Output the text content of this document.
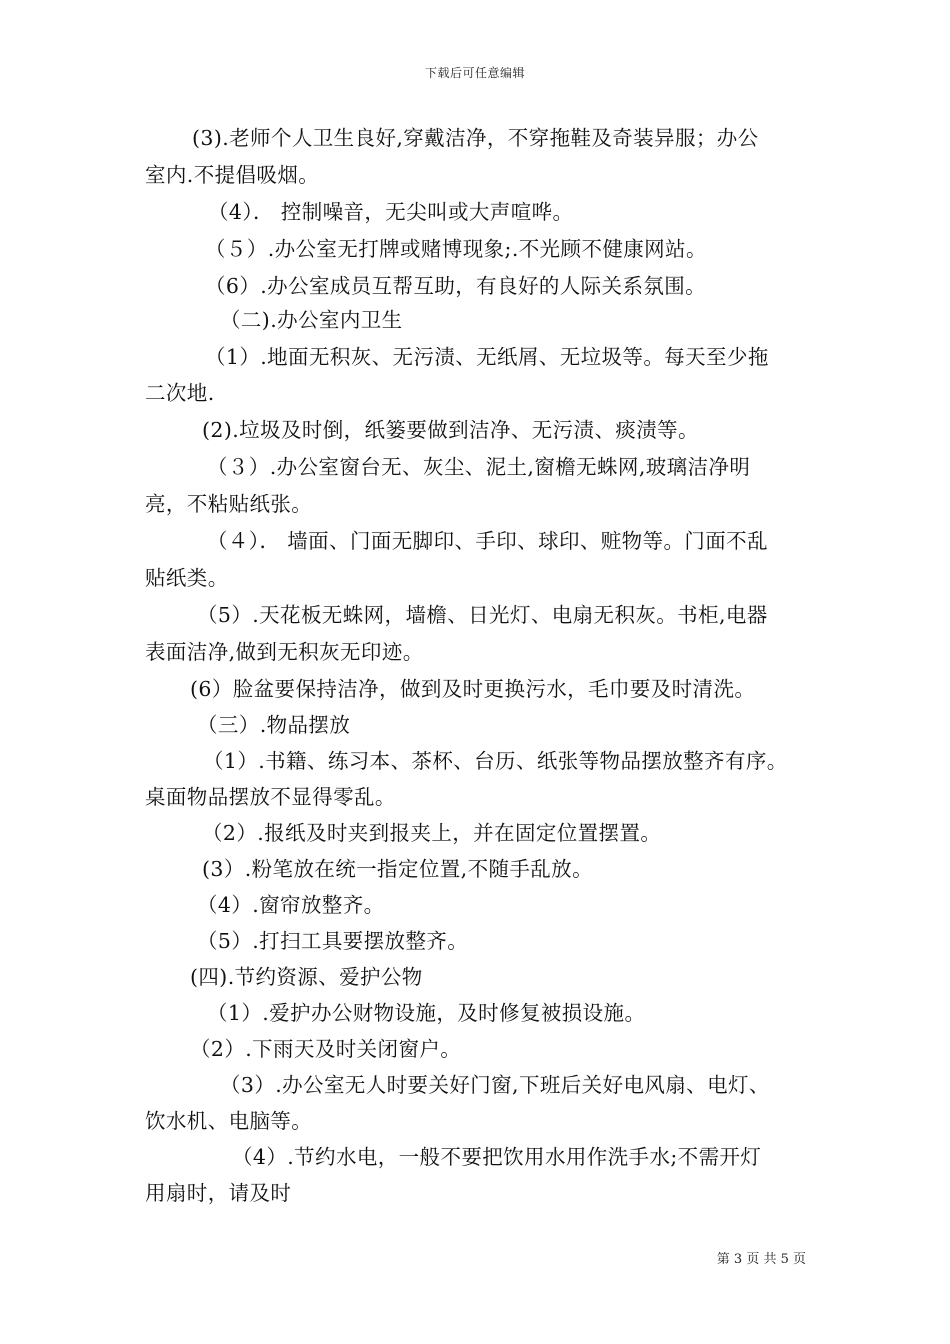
下载后可任意编辑
(3).老师个人卫生良好,穿戴洁净，不穿拖鞋及奇装异服；办公
室内.不提倡吸烟。
（4）． 控制噪音，无尖叫或大声喧哗。
（５）.办公室无打牌或赌博现象;.不光顾不健康网站。
（6）.办公室成员互帮互助，有良好的人际关系氛围。
（二).办公室内卫生
（1）.地面无积灰、无污渍、无纸屑、无垃圾等。每天至少拖
二次地.
(2).垃圾及时倒，纸篓要做到洁净、无污渍、痰渍等。
（３）.办公室窗台无、灰尘、泥土,窗檐无蛛网,玻璃洁净明
亮，不粘贴纸张。
（４）． 墙面、门面无脚印、手印、球印、赃物等。门面不乱
贴纸类。
（5）.天花板无蛛网，墙檐、日光灯、电扇无积灰。书柜,电器
表面洁净,做到无积灰无印迹。
(6）脸盆要保持洁净，做到及时更换污水，毛巾要及时清洗。
（三）.物品摆放
（1）.书籍、练习本、茶杯、台历、纸张等物品摆放整齐有序。
桌面物品摆放不显得零乱。
（2）.报纸及时夹到报夹上，并在固定位置摆置。
(3）.粉笔放在统一指定位置,不随手乱放。
（4）.窗帘放整齐。
（5）.打扫工具要摆放整齐。
(四).节约资源、爱护公物
（1）.爱护办公财物设施，及时修复被损设施。
（2）.下雨天及时关闭窗户。
（3）.办公室无人时要关好门窗,下班后关好电风扇、电灯、
饮水机、电脑等。
（4）.节约水电，一般不要把饮用水用作洗手水;不需开灯
用扇时，请及时
第 3 页 共 5 页
